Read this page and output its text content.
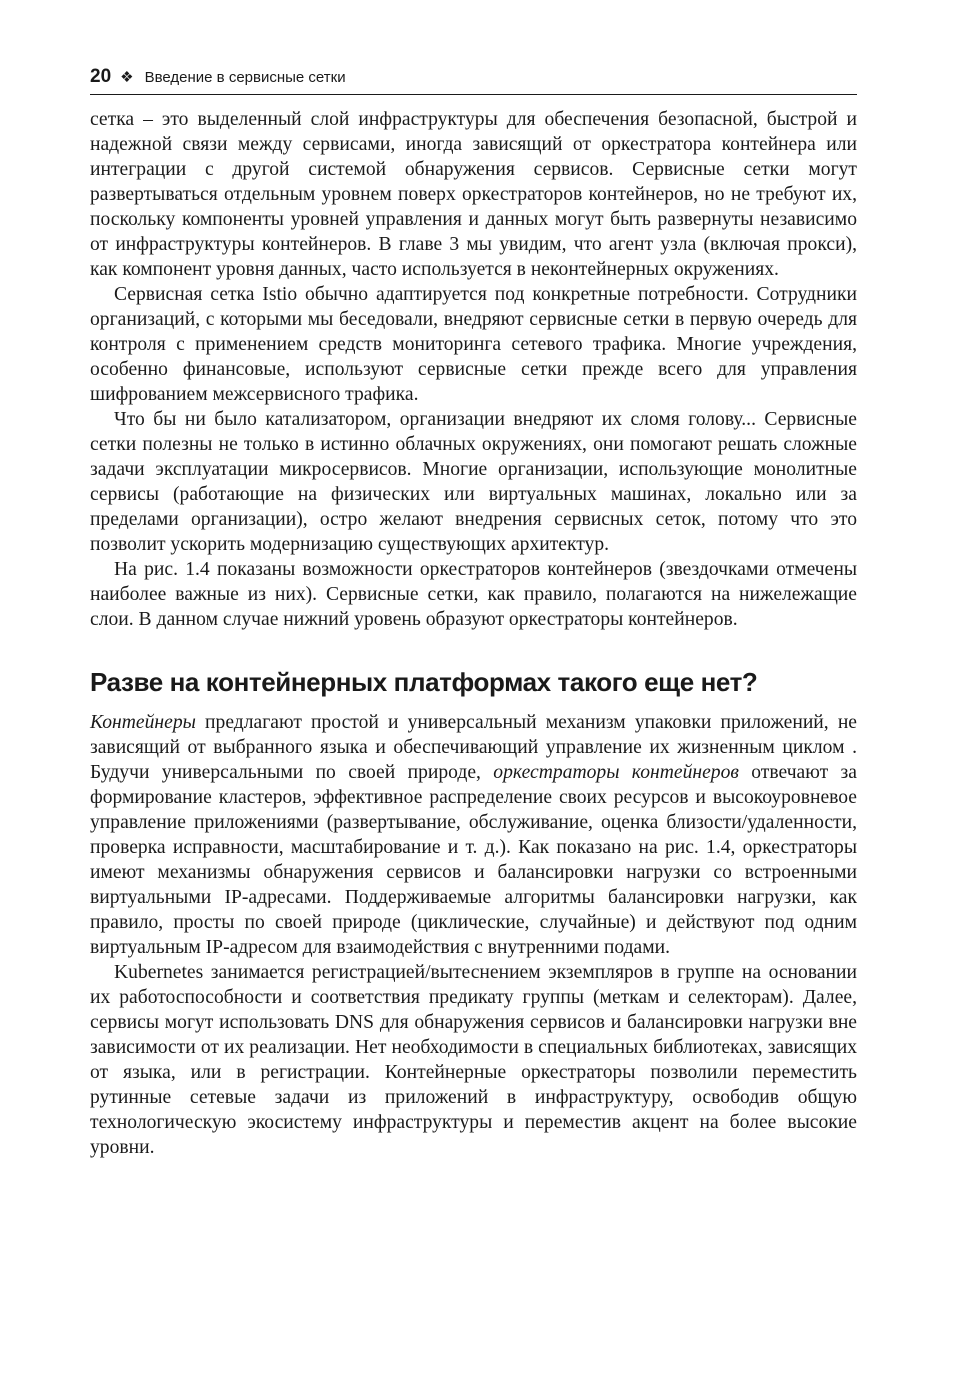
20 ❖ Введение в сервисные сетки

сетка – это выделенный слой инфраструктуры для обеспечения безопасной, быстрой и надежной связи между сервисами, иногда зависящий от оркестратора контейнера или интеграции с другой системой обнаружения сервисов. Сервисные сетки могут развертываться отдельным уровнем поверх оркестраторов контейнеров, но не требуют их, поскольку компоненты уровней управления и данных могут быть развернуты независимо от инфраструктуры контейнеров. В главе 3 мы увидим, что агент узла (включая прокси), как компонент уровня данных, часто используется в неконтейнерных окружениях.

Сервисная сетка Istio обычно адаптируется под конкретные потребности. Сотрудники организаций, с которыми мы беседовали, внедряют сервисные сетки в первую очередь для контроля с применением средств мониторинга сетевого трафика. Многие учреждения, особенно финансовые, используют сервисные сетки прежде всего для управления шифрованием межсервисного трафика.

Что бы ни было катализатором, организации внедряют их сломя голову... Сервисные сетки полезны не только в истинно облачных окружениях, они помогают решать сложные задачи эксплуатации микросервисов. Многие организации, использующие монолитные сервисы (работающие на физических или виртуальных машинах, локально или за пределами организации), остро желают внедрения сервисных сеток, потому что это позволит ускорить модернизацию существующих архитектур.

На рис. 1.4 показаны возможности оркестраторов контейнеров (звездочками отмечены наиболее важные из них). Сервисные сетки, как правило, полагаются на нижележащие слои. В данном случае нижний уровень образуют оркестраторы контейнеров.

Разве на контейнерных платформах такого еще нет?

Контейнеры предлагают простой и универсальный механизм упаковки приложений, не зависящий от выбранного языка и обеспечивающий управление их жизненным циклом . Будучи универсальными по своей природе, оркестраторы контейнеров отвечают за формирование кластеров, эффективное распределение своих ресурсов и высокоуровневое управление приложениями (развертывание, обслуживание, оценка близости/удаленности, проверка исправности, масштабирование и т. д.). Как показано на рис. 1.4, оркестраторы имеют механизмы обнаружения сервисов и балансировки нагрузки со встроенными виртуальными IP-адресами. Поддерживаемые алгоритмы балансировки нагрузки, как правило, просты по своей природе (циклические, случайные) и действуют под одним виртуальным IP-адресом для взаимодействия с внутренними подами.

Kubernetes занимается регистрацией/вытеснением экземпляров в группе на основании их работоспособности и соответствия предикату группы (меткам и селекторам). Далее, сервисы могут использовать DNS для обнаружения сервисов и балансировки нагрузки вне зависимости от их реализации. Нет необходимости в специальных библиотеках, зависящих от языка, или в регистрации. Контейнерные оркестраторы позволили переместить рутинные сетевые задачи из приложений в инфраструктуру, освободив общую технологическую экосистему инфраструктуры и переместив акцент на более высокие уровни.
